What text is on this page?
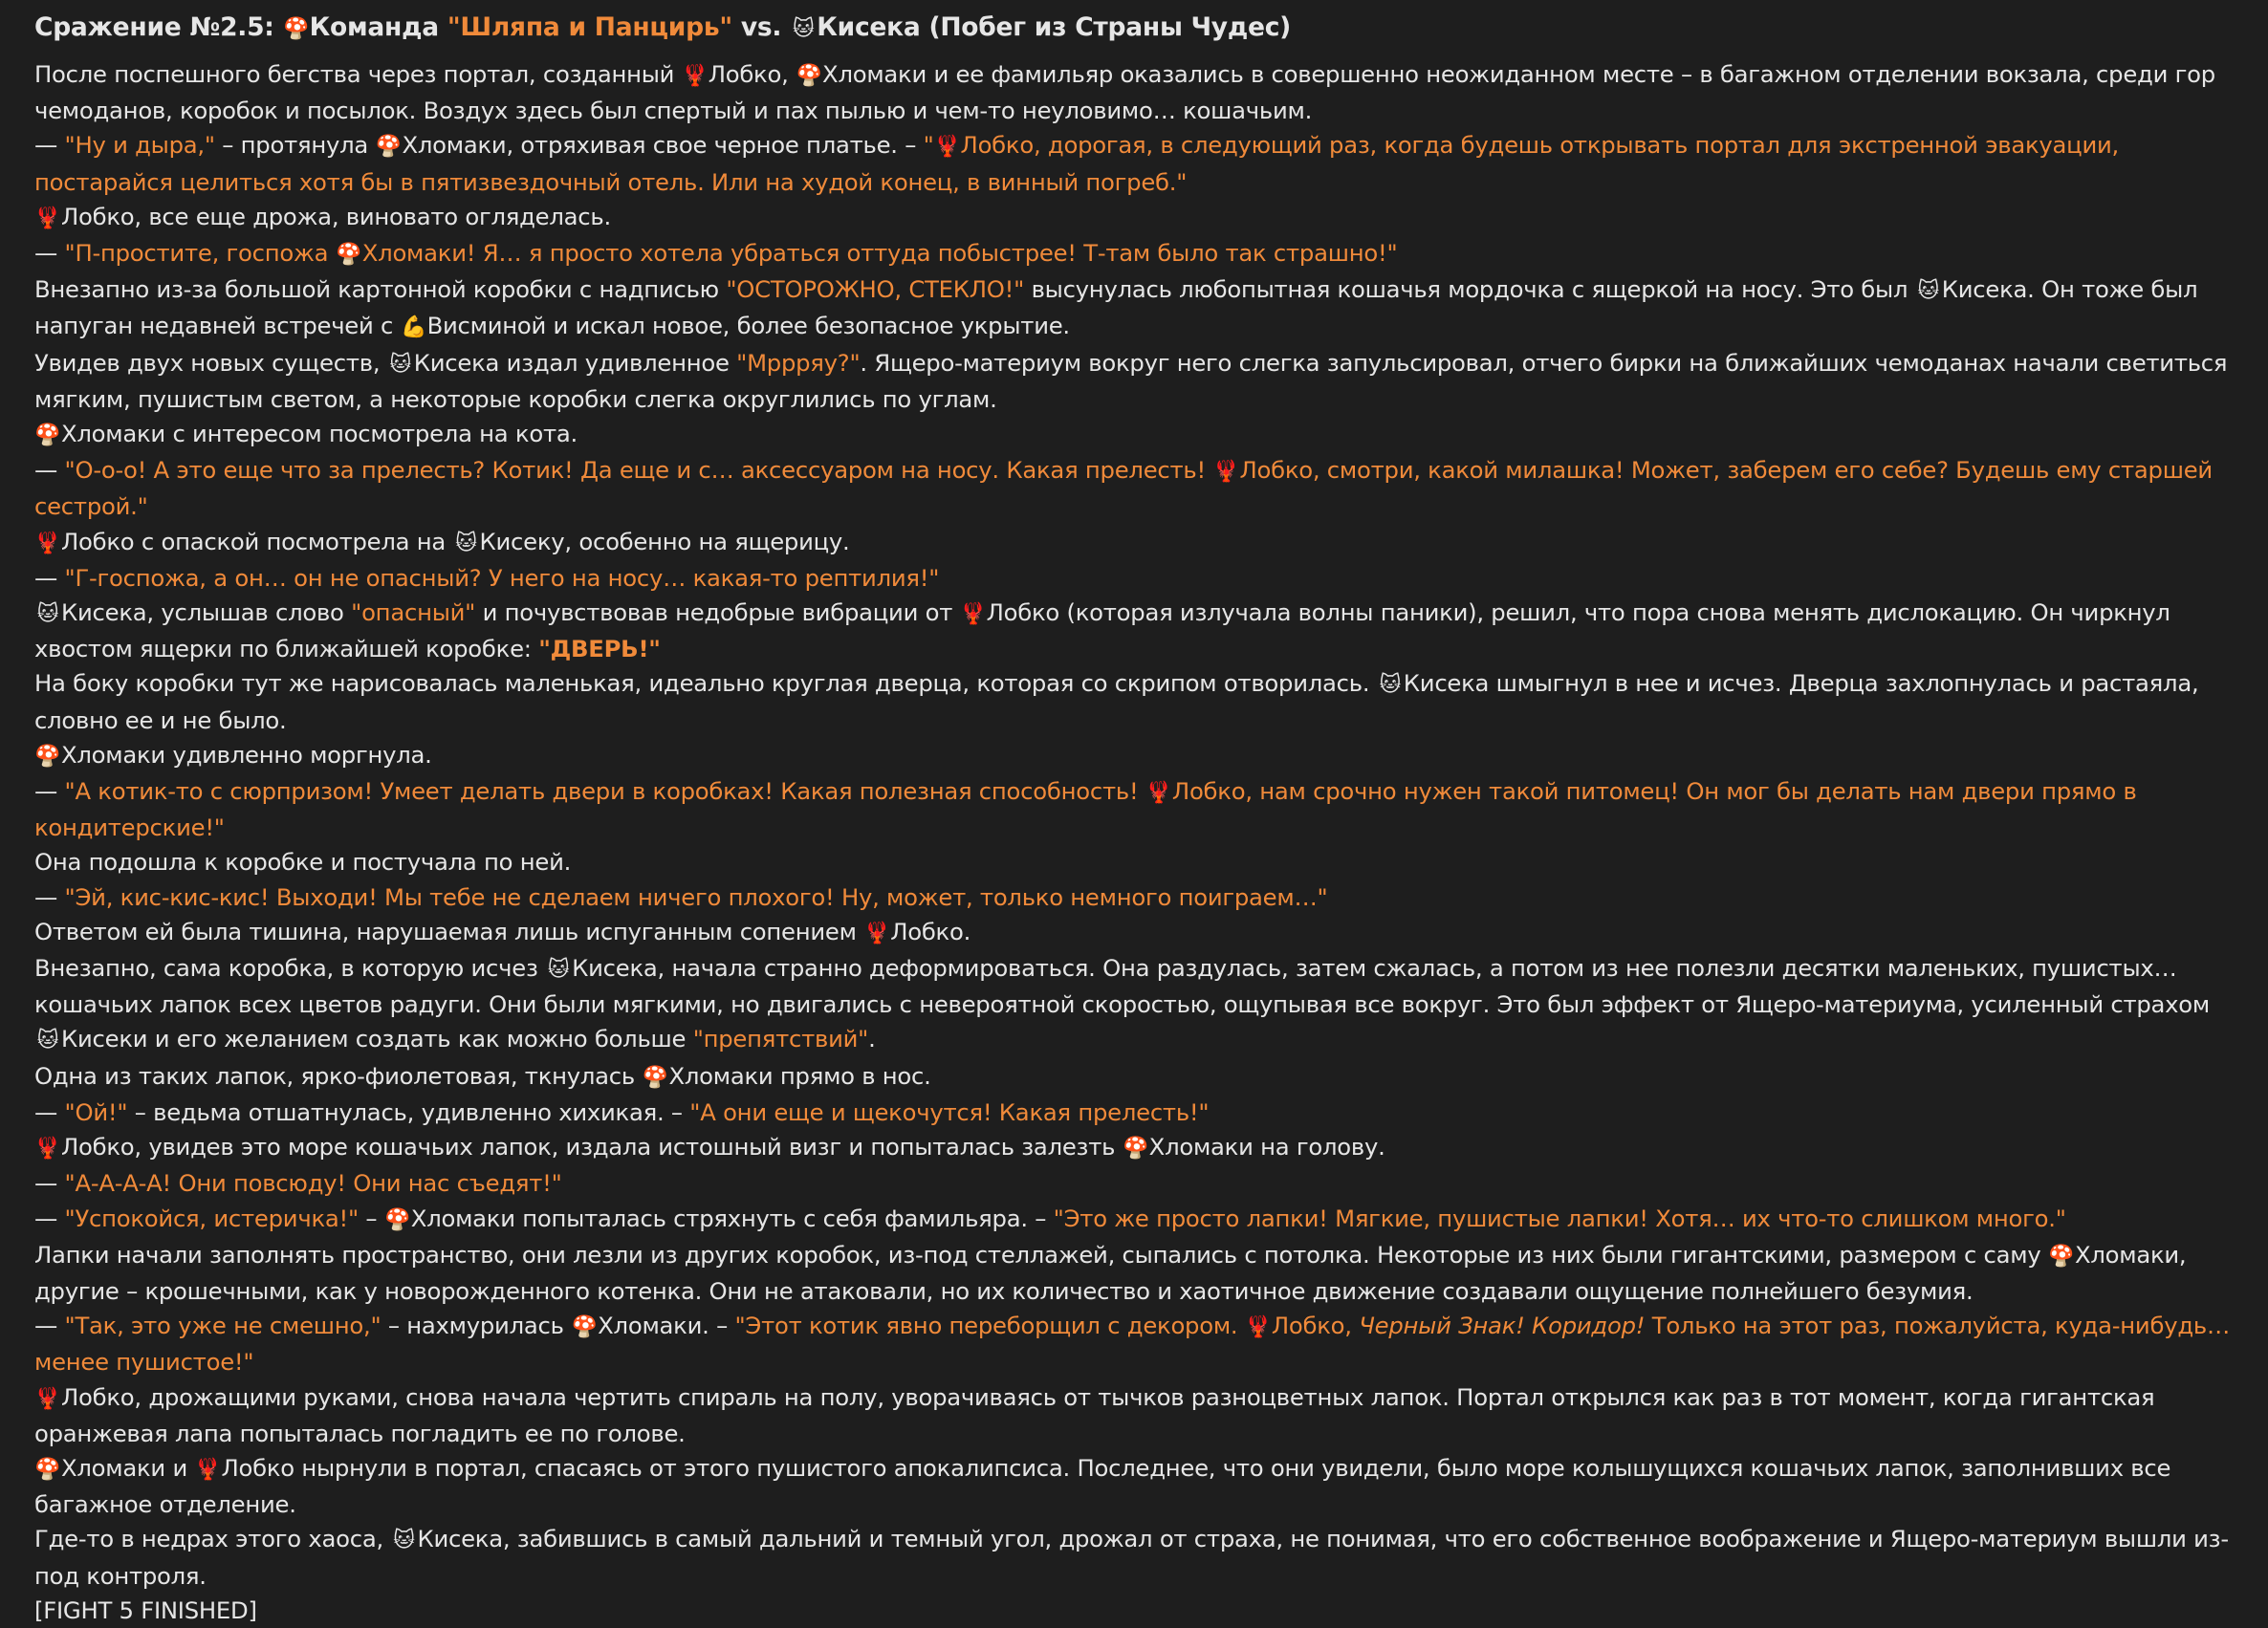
Сражение №2.5: 🍄Команда "Шляпа и Панцирь" vs. 🐱 Кисека (Побег из Страны Чудес)
После поспешного бегства через портал, созданный 🦞Лобко, 🍄Хломаки и ее фамильяр оказались в совершенно неожиданном месте – в багажном отделении вокзала, среди гор чемоданов, коробок и посылок. Воздух здесь был спертый и пах пылью и чем-то неуловимо… кошачьим.
— "Ну и дыра," – протянула 🍄Хломаки, отряхивая свое черное платье. – "🦞Лобко, дорогая, в следующий раз, когда будешь открывать портал для экстренной эвакуации, постарайся целиться хотя бы в пятизвездочный отель. Или на худой конец, в винный погреб."
🦞Лобко, все еще дрожа, виновато огляделась.
— "П-простите, госпожа 🍄Хломаки! Я… я просто хотела убраться оттуда побыстрее! Т-там было так страшно!"
Внезапно из-за большой картонной коробки с надписью "ОСТОРОЖНО, СТЕКЛО!" высунулась любопытная кошачья мордочка с ящеркой на носу. Это был 🐱 Кисека. Он тоже был напуган недавней встречей с 💪Висминой и искал новое, более безопасное укрытие.
Увидев двух новых существ, 🐱 Кисека издал удивленное "Мррряу?". Ящеро-материум вокруг него слегка запульсировал, отчего бирки на ближайших чемоданах начали светиться мягким, пушистым светом, а некоторые коробки слегка округлились по углам.
🍄Хломаки с интересом посмотрела на кота.
— "О-о-о! А это еще что за прелесть? Котик! Да еще и с… аксессуаром на носу. Какая прелесть! 🦞Лобко, смотри, какой милашка! Может, заберем его себе? Будешь ему старшей сестрой."
🦞Лобко с опаской посмотрела на 🐱 Кисеку, особенно на ящерицу.
— "Г-госпожа, а он… он не опасный? У него на носу… какая-то рептилия!"
🐱 Кисека, услышав слово "опасный" и почувствовав недобрые вибрации от 🦞Лобко (которая излучала волны паники), решил, что пора снова менять дислокацию. Он чиркнул хвостом ящерки по ближайшей коробке: "ДВЕРЬ!"
На боку коробки тут же нарисовалась маленькая, идеально круглая дверца, которая со скрипом отворилась. 🐱 Кисека шмыгнул в нее и исчез. Дверца захлопнулась и растаяла, словно ее и не было.
🍄Хломаки удивленно моргнула.
— "А котик-то с сюрпризом! Умеет делать двери в коробках! Какая полезная способность! 🦞Лобко, нам срочно нужен такой питомец! Он мог бы делать нам двери прямо в кондитерские!"
Она подошла к коробке и постучала по ней.
— "Эй, кис-кис-кис! Выходи! Мы тебе не сделаем ничего плохого! Ну, может, только немного поиграем…"
Ответом ей была тишина, нарушаемая лишь испуганным сопением 🦞Лобко.
Внезапно, сама коробка, в которую исчез 🐱 Кисека, начала странно деформироваться. Она раздулась, затем сжалась, а потом из нее полезли десятки маленьких, пушистых… кошачьих лапок всех цветов радуги. Они были мягкими, но двигались с невероятной скоростью, ощупывая все вокруг. Это был эффект от Ящеро-материума, усиленный страхом 🐱 Кисеки и его желанием создать как можно больше "препятствий".
Одна из таких лапок, ярко-фиолетовая, ткнулась 🍄Хломаки прямо в нос.
— "Ой!" – ведьма отшатнулась, удивленно хихикая. – "А они еще и щекочутся! Какая прелесть!"
🦞Лобко, увидев это море кошачьих лапок, издала истошный визг и попыталась залезть 🍄Хломаки на голову.
— "А-А-А-А! Они повсюду! Они нас съедят!"
— "Успокойся, истеричка!" – 🍄Хломаки попыталась стряхнуть с себя фамильяра. – "Это же просто лапки! Мягкие, пушистые лапки! Хотя… их что-то слишком много."
Лапки начали заполнять пространство, они лезли из других коробок, из-под стеллажей, сыпались с потолка. Некоторые из них были гигантскими, размером с саму 🍄Хломаки, другие – крошечными, как у новорожденного котенка. Они не атаковали, но их количество и хаотичное движение создавали ощущение полнейшего безумия.
— "Так, это уже не смешно," – нахмурилась 🍄Хломаки. – "Этот котик явно переборщил с декором. 🦞Лобко, Черный Знак! Коридор! Только на этот раз, пожалуйста, куда-нибудь… менее пушистое!"
🦞Лобко, дрожащими руками, снова начала чертить спираль на полу, уворачиваясь от тычков разноцветных лапок. Портал открылся как раз в тот момент, когда гигантская оранжевая лапа попыталась погладить ее по голове.
🍄Хломаки и 🦞Лобко нырнули в портал, спасаясь от этого пушистого апокалипсиса. Последнее, что они увидели, было море колышущихся кошачьих лапок, заполнивших все багажное отделение.
Где-то в недрах этого хаоса, 🐱 Кисека, забившись в самый дальний и темный угол, дрожал от страха, не понимая, что его собственное воображение и Ящеро-материум вышли из-под контроля.
[FIGHT 5 FINISHED]
